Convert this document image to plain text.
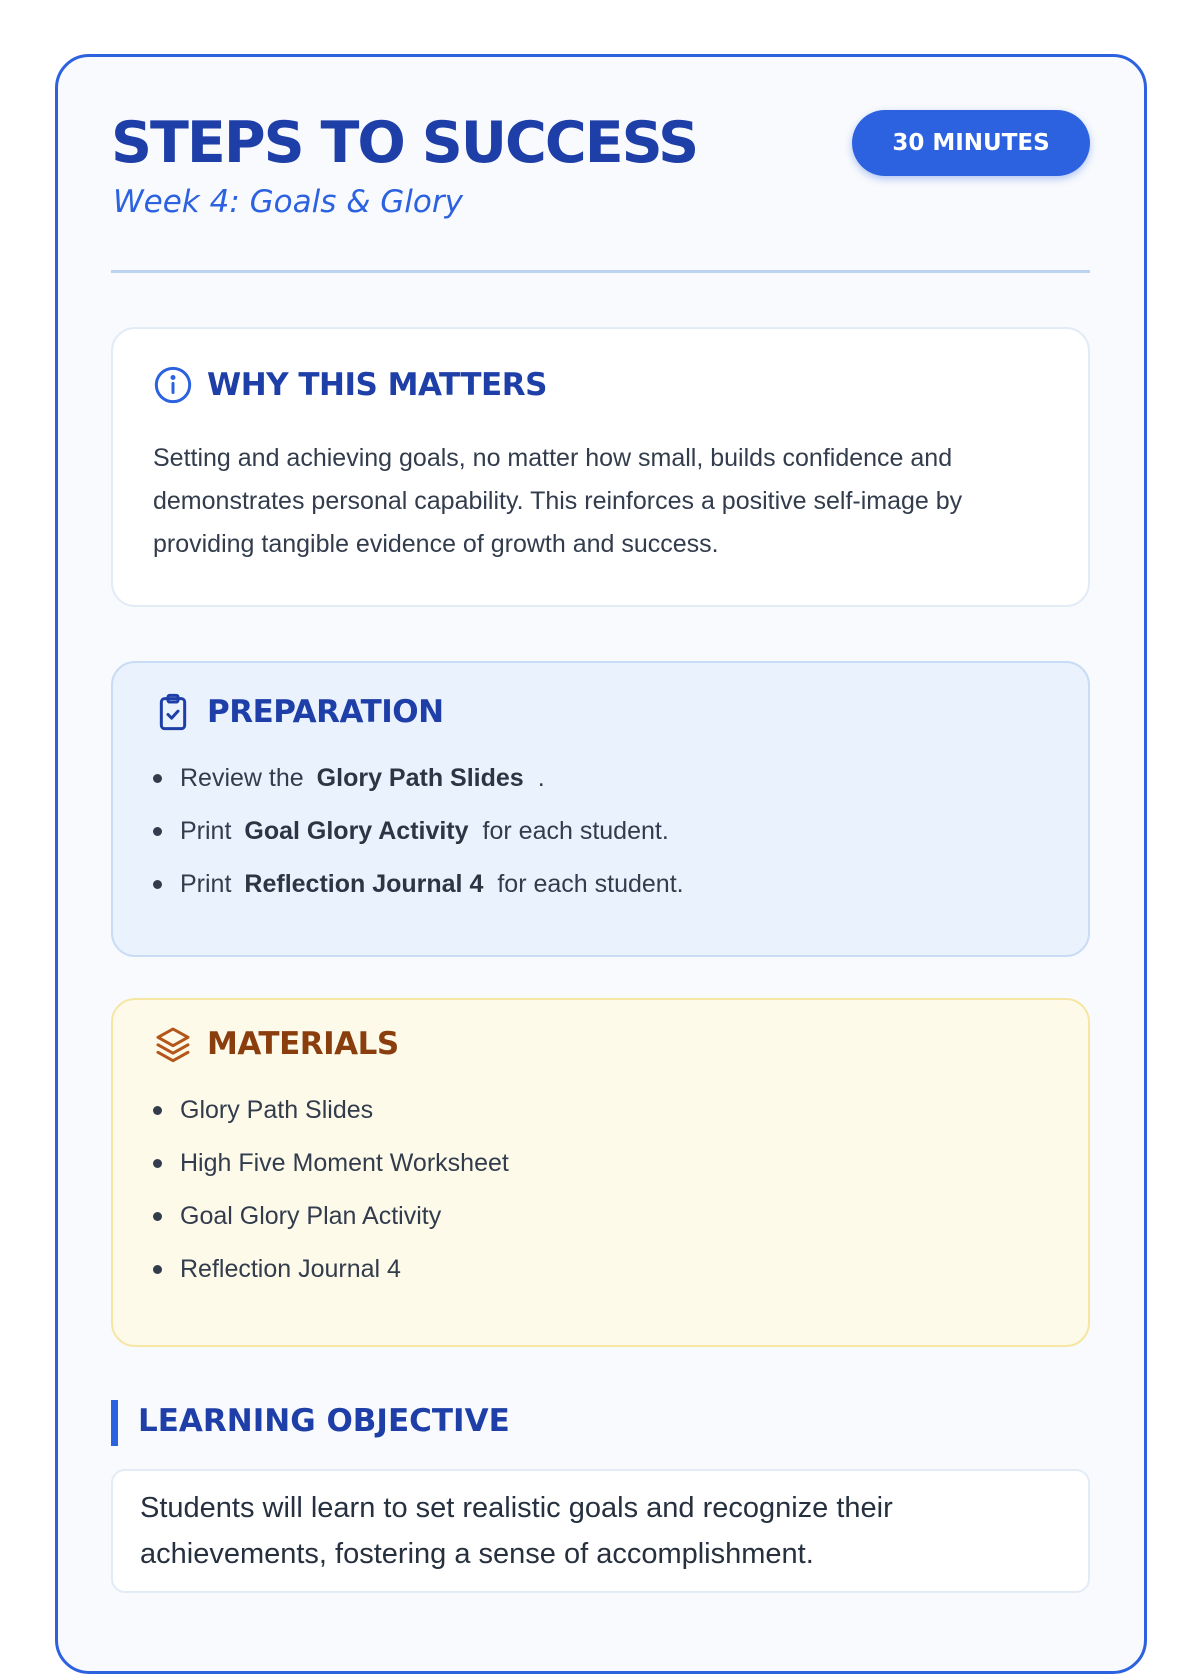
STEPS TO SUCCESS
Week 4: Goals & Glory
30 MINUTES
WHY THIS MATTERS

Setting and achieving goals, no matter how small, builds confidence and demonstrates personal capability. This reinforces a positive self-image by providing tangible evidence of growth and success.

PREPARATION
Review the Glory Path Slides .
Print Goal Glory Activity for each student.
Print Reflection Journal 4 for each student.
MATERIALS
Glory Path Slides
High Five Moment Worksheet
Goal Glory Plan Activity
Reflection Journal 4
LEARNING OBJECTIVE

Students will learn to set realistic goals and recognize their achievements, fostering a sense of accomplishment.
